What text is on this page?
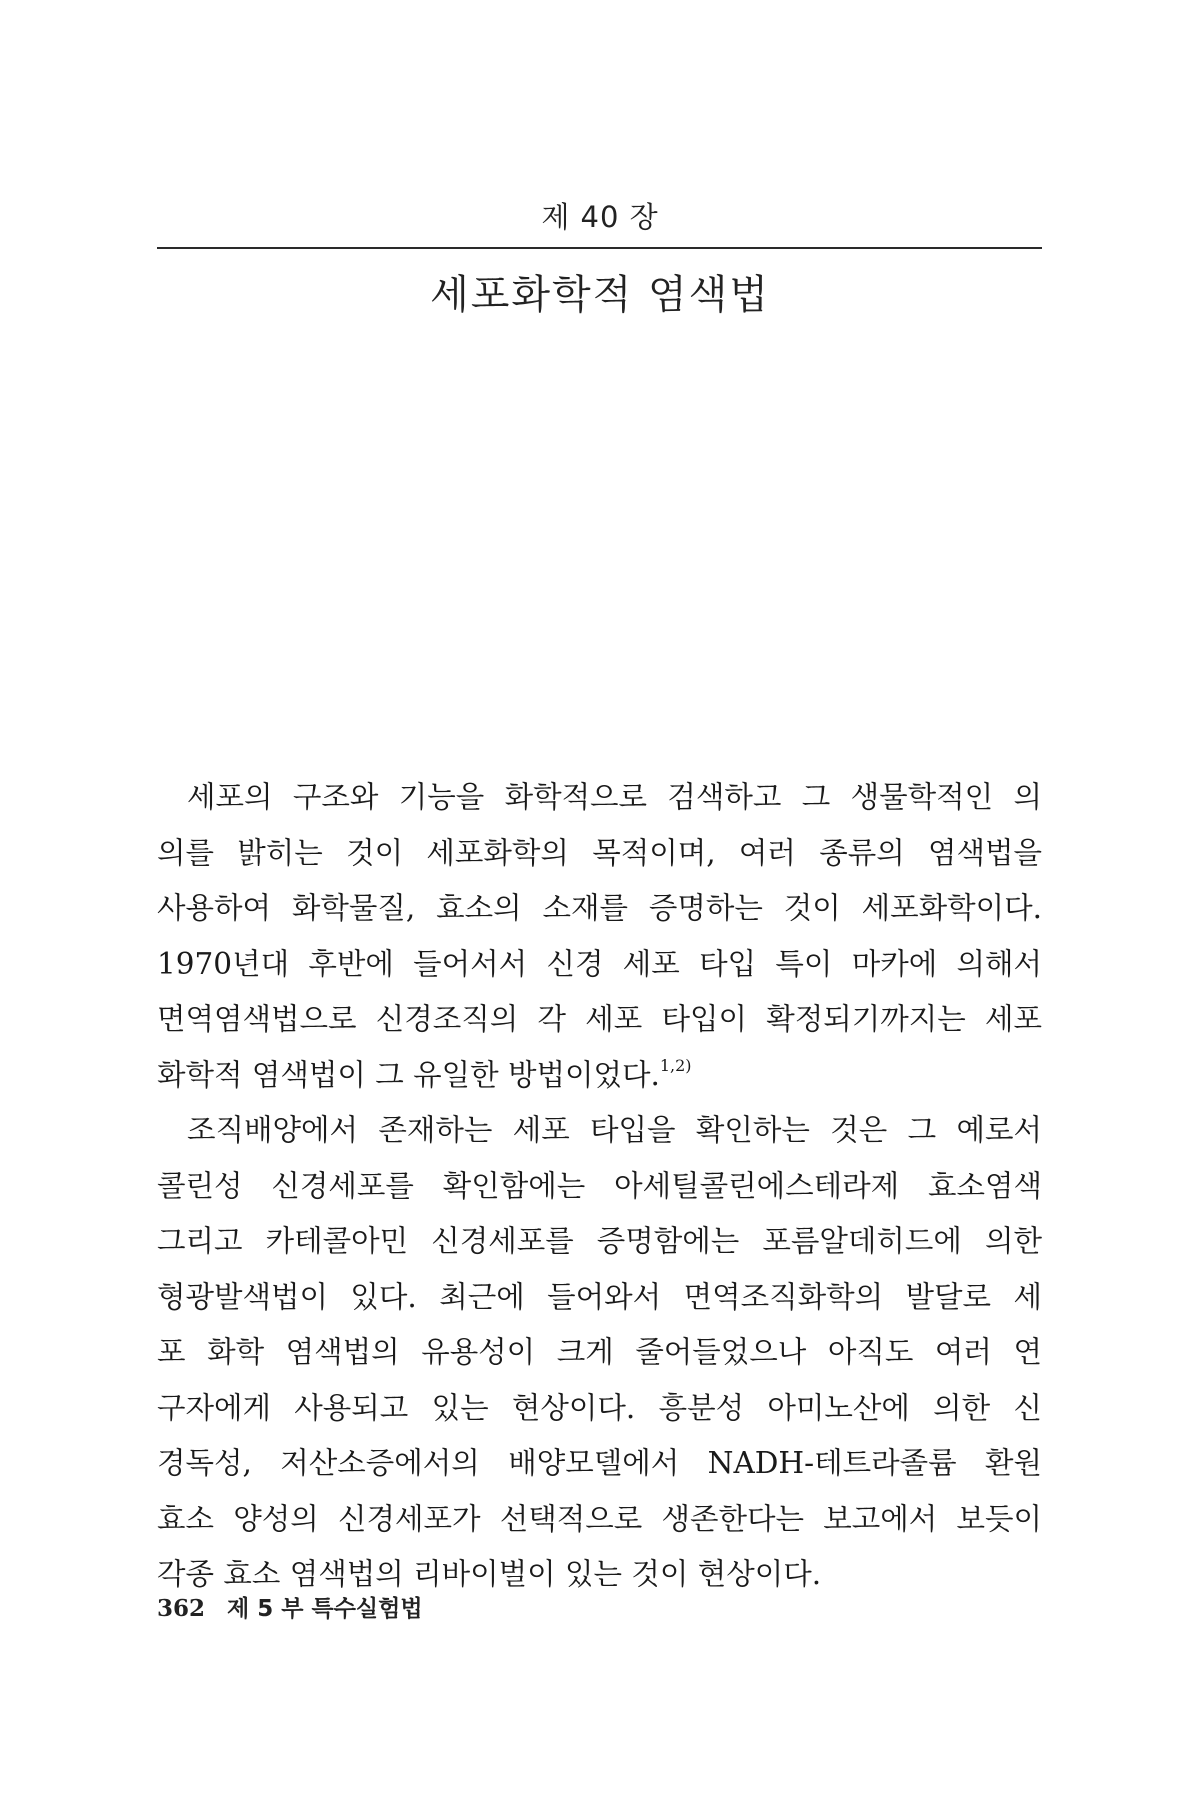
제 40 장
세포화학적 염색법
세포의 구조와 기능을 화학적으로 검색하고 그 생물학적인 의
의를 밝히는 것이 세포화학의 목적이며, 여러 종류의 염색법을
사용하여 화학물질, 효소의 소재를 증명하는 것이 세포화학이다.
1970년대 후반에 들어서서 신경 세포 타입 특이 마카에 의해서
면역염색법으로 신경조직의 각 세포 타입이 확정되기까지는 세포
화학적 염색법이 그 유일한 방법이었다.$^{1,2)}$
조직배양에서 존재하는 세포 타입을 확인하는 것은 그 예로서
콜린성 신경세포를 확인함에는 아세틸콜린에스테라제 효소염색
그리고 카테콜아민 신경세포를 증명함에는 포름알데히드에 의한
형광발색법이 있다. 최근에 들어와서 면역조직화학의 발달로 세
포 화학 염색법의 유용성이 크게 줄어들었으나 아직도 여러 연
구자에게 사용되고 있는 현상이다. 흥분성 아미노산에 의한 신
경독성, 저산소증에서의 배양모델에서 NADH-테트라졸륨 환원
효소 양성의 신경세포가 선택적으로 생존한다는 보고에서 보듯이
각종 효소 염색법의 리바이벌이 있는 것이 현상이다.
362 제 5 부 특수실험법
